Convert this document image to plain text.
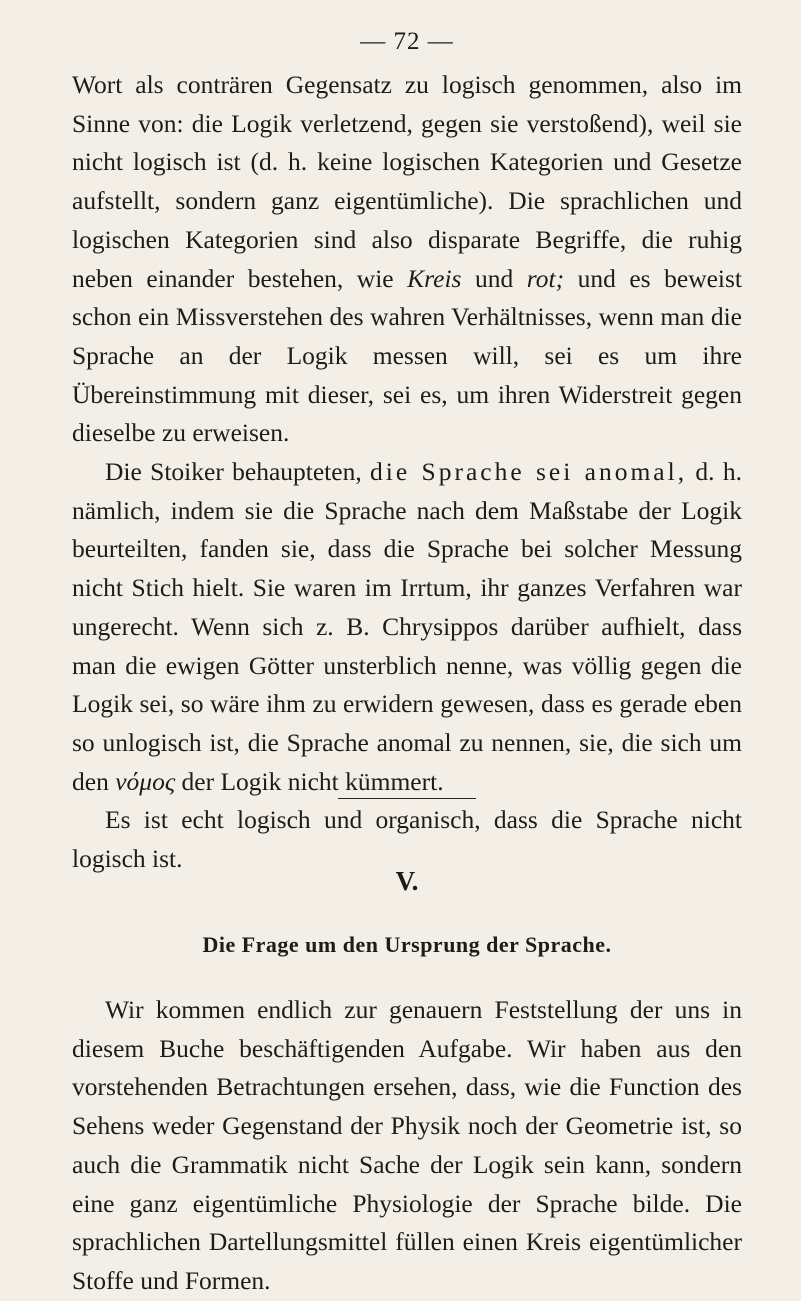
— 72 —

Wort als conträren Gegensatz zu logisch genommen, also im Sinne von: die Logik verletzend, gegen sie verstoßend), weil sie nicht logisch ist (d. h. keine logischen Kategorien und Gesetze aufstellt, sondern ganz eigentümliche). Die sprachlichen und logischen Kategorien sind also disparate Begriffe, die ruhig neben einander bestehen, wie Kreis und rot; und es beweist schon ein Missverstehen des wahren Verhältnisses, wenn man die Sprache an der Logik messen will, sei es um ihre Übereinstimmung mit dieser, sei es, um ihren Widerstreit gegen dieselbe zu erweisen.

Die Stoiker behaupteten, die Sprache sei anomal, d. h. nämlich, indem sie die Sprache nach dem Maßstabe der Logik beurteilten, fanden sie, dass die Sprache bei solcher Messung nicht Stich hielt. Sie waren im Irrtum, ihr ganzes Verfahren war ungerecht. Wenn sich z. B. Chrysippos darüber aufhielt, dass man die ewigen Götter unsterblich nenne, was völlig gegen die Logik sei, so wäre ihm zu erwidern gewesen, dass es gerade eben so unlogisch ist, die Sprache anomal zu nennen, sie, die sich um den νόμος der Logik nicht kümmert.

Es ist echt logisch und organisch, dass die Sprache nicht logisch ist.

V.
Die Frage um den Ursprung der Sprache.

Wir kommen endlich zur genauern Feststellung der uns in diesem Buche beschäftigenden Aufgabe. Wir haben aus den vorstehenden Betrachtungen ersehen, dass, wie die Function des Sehens weder Gegenstand der Physik noch der Geometrie ist, so auch die Grammatik nicht Sache der Logik sein kann, sondern eine ganz eigentümliche Physiologie der Sprache bilde. Die sprachlichen Dartellungsmittel füllen einen Kreis eigentümlicher Stoffe und Formen.
